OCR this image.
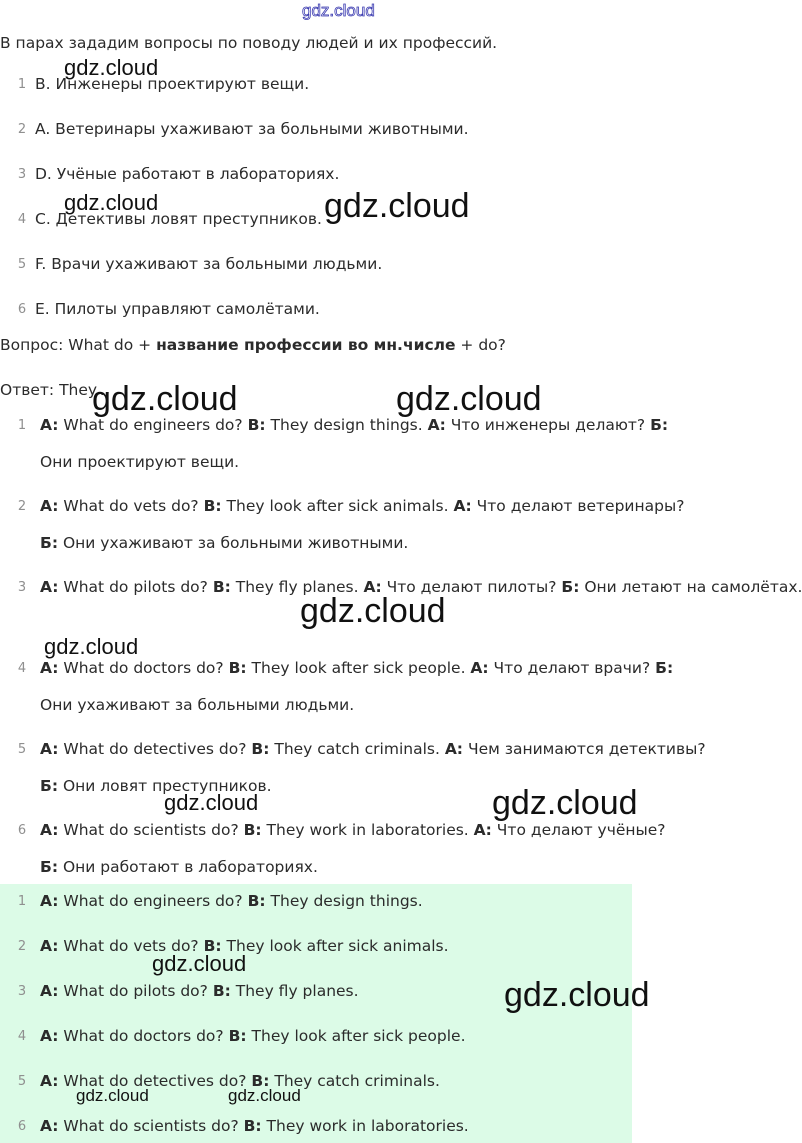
gdz.cloud
В парах зададим вопросы по поводу людей и их профессий.
1 B. Инженеры проектируют вещи.
2 A. Ветеринары ухаживают за больными животными.
3 D. Учёные работают в лабораториях.
4 C. Детективы ловят преступников.
5 F. Врачи ухаживают за больными людьми.
6 E. Пилоты управляют самолётами.
Вопрос: What do + название профессии во мн.числе + do?
Ответ: They...
1 A: What do engineers do? B: They design things. А: Что инженеры делают? Б:
Они проектируют вещи.
2 A: What do vets do? B: They look after sick animals. А: Что делают ветеринары?
Б: Они ухаживают за больными животными.
3 A: What do pilots do? B: They fly planes. А: Что делают пилоты? Б: Они летают на самолётах.
4 A: What do doctors do? B: They look after sick people. А: Что делают врачи? Б:
Они ухаживают за больными людьми.
5 A: What do detectives do? B: They catch criminals. А: Чем занимаются детективы?
Б: Они ловят преступников.
6 A: What do scientists do? B: They work in laboratories. А: Что делают учёные?
Б: Они работают в лабораториях.
1 A: What do engineers do? B: They design things.
2 A: What do vets do? B: They look after sick animals.
3 A: What do pilots do? B: They fly planes.
4 A: What do doctors do? B: They look after sick people.
5 A: What do detectives do? B: They catch criminals.
6 A: What do scientists do? B: They work in laboratories.
gdz.cloud
gdz.cloud	gdz.cloud
gdz.cloud	gdz.cloud
gdz.cloud
gdz.cloud
gdz.cloud	gdz.cloud
gdz.cloud
gdz.cloud
gdz.cloud	gdz.cloud
